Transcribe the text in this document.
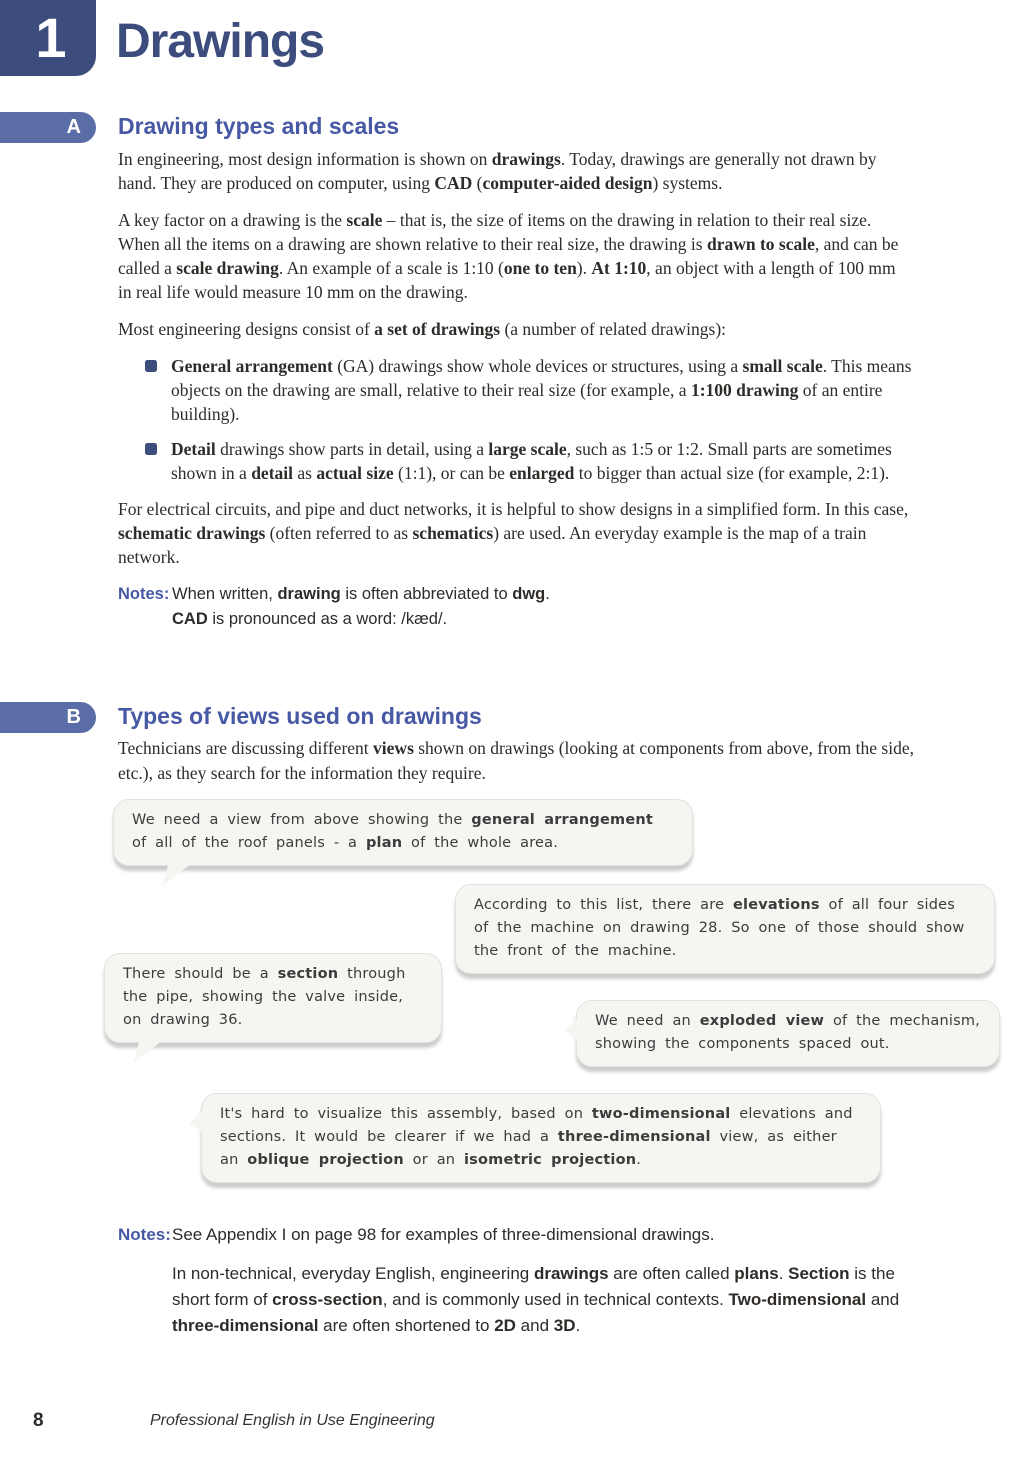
1 Drawings
A	Drawing types and scales

In engineering, most design information is shown on drawings. Today, drawings are generally not drawn by hand. They are produced on computer, using CAD (computer-aided design) systems.

A key factor on a drawing is the scale – that is, the size of items on the drawing in relation to their real size. When all the items on a drawing are shown relative to their real size, the drawing is drawn to scale, and can be called a scale drawing. An example of a scale is 1:10 (one to ten). At 1:10, an object with a length of 100 mm in real life would measure 10 mm on the drawing.

Most engineering designs consist of a set of drawings (a number of related drawings):

General arrangement (GA) drawings show whole devices or structures, using a small scale. This means objects on the drawing are small, relative to their real size (for example, a 1:100 drawing of an entire building).

Detail drawings show parts in detail, using a large scale, such as 1:5 or 1:2. Small parts are sometimes shown in a detail as actual size (1:1), or can be enlarged to bigger than actual size (for example, 2:1).

For electrical circuits, and pipe and duct networks, it is helpful to show designs in a simplified form. In this case, schematic drawings (often referred to as schematics) are used. An everyday example is the map of a train network.

Notes: When written, drawing is often abbreviated to dwg.

CAD is pronounced as a word: /kæd/.

B	Types of views used on drawings

Technicians are discussing different views shown on drawings (looking at components from above, from the side, etc.), as they search for the information they require.

We need a view from above showing the general arrangement of all of the roof panels - a plan of the whole area.

According to this list, there are elevations of all four sides of the machine on drawing 28. So one of those should show the front of the machine.

There should be a section through the pipe, showing the valve inside, on drawing 36.	We need an exploded view of the mechanism, showing the components spaced out.

It's hard to visualize this assembly, based on two-dimensional elevations and sections. It would be clearer if we had a three-dimensional view, as either an oblique projection or an isometric projection.

Notes: See Appendix I on page 98 for examples of three-dimensional drawings.

In non-technical, everyday English, engineering drawings are often called plans. Section is the short form of cross-section, and is commonly used in technical contexts. Two-dimensional and three-dimensional are often shortened to 2D and 3D.

8	Professional English in Use Engineering
